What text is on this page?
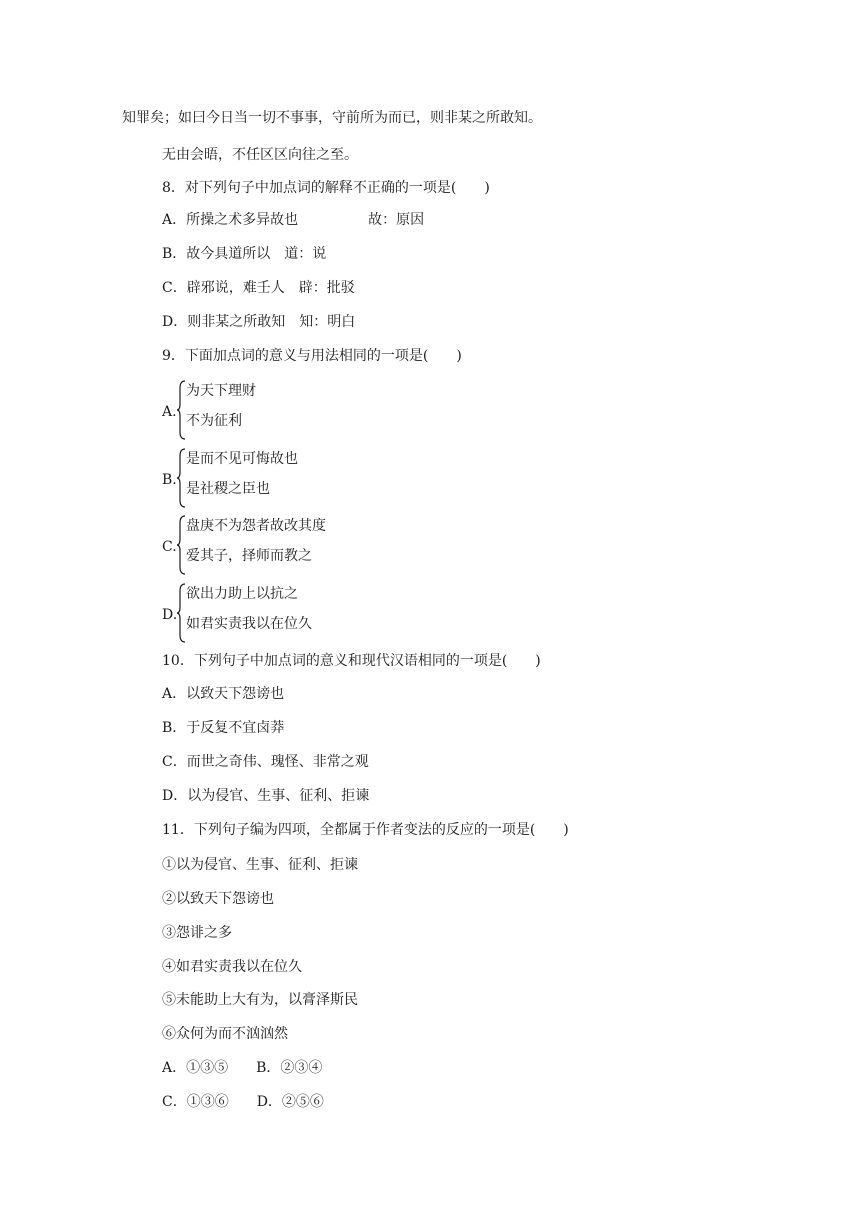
知罪矣；如曰今日当一切不事事，守前所为而已，则非某之所敢知。
无由会晤，不任区区向往之至。
8．对下列句子中加点词的解释不正确的一项是(　　)
A．所操之术多异故也　　　　　故：原因
B．故今具道所以　道：说
C．辟邪说，难壬人　辟：批驳
D．则非某之所敢知　知：明白
9．下面加点词的意义与用法相同的一项是(　　)
A.
为天下理财
不为征利
B.
是而不见可悔故也
是社稷之臣也
C.
盘庚不为怨者故改其度
爱其子，择师而教之
D.
欲出力助上以抗之
如君实责我以在位久
10．下列句子中加点词的意义和现代汉语相同的一项是(　　)
A．以致天下怨谤也
B．于反复不宜卤莽
C．而世之奇伟、瑰怪、非常之观
D．以为侵官、生事、征利、拒谏
11．下列句子编为四项，全都属于作者变法的反应的一项是(　　)
①以为侵官、生事、征利、拒谏
②以致天下怨谤也
③怨诽之多
④如君实责我以在位久
⑤未能助上大有为，以膏泽斯民
⑥众何为而不汹汹然
A．①③⑤　　B．②③④
C．①③⑥　　D．②⑤⑥
